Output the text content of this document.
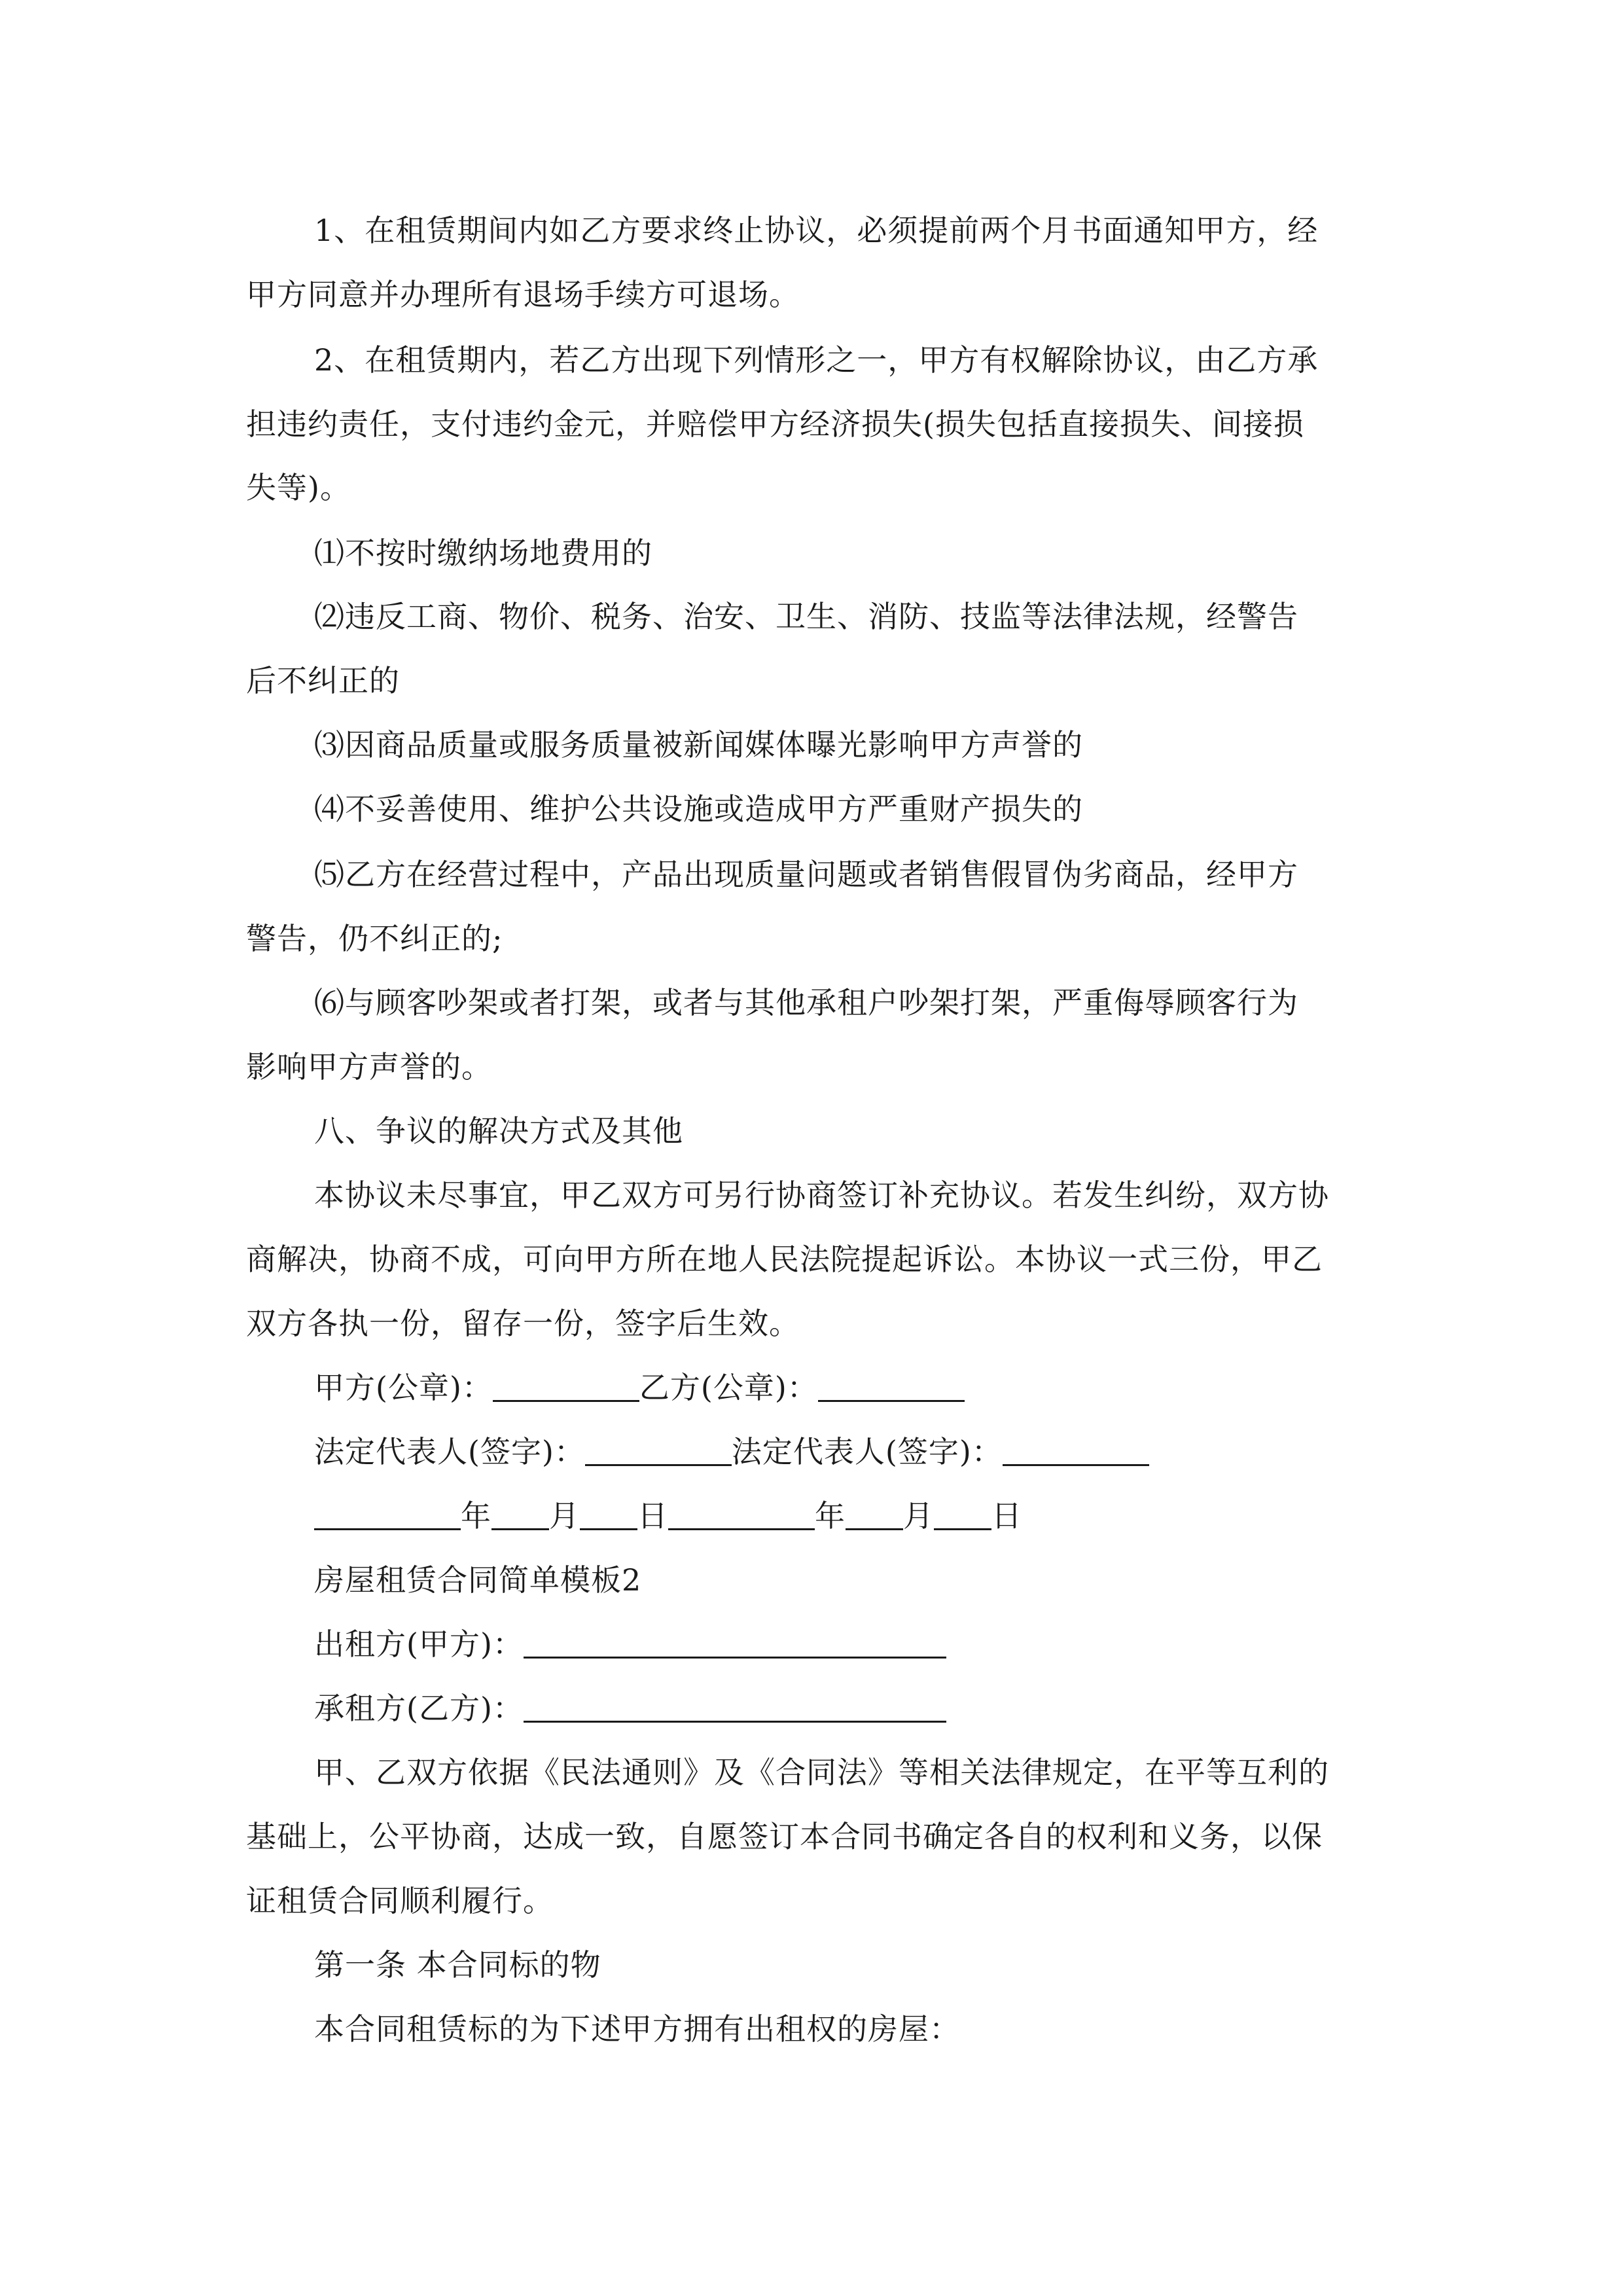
1、在租赁期间内如乙方要求终止协议，必须提前两个月书面通知甲方，经
甲方同意并办理所有退场手续方可退场。
2、在租赁期内，若乙方出现下列情形之一，甲方有权解除协议，由乙方承
担违约责任，支付违约金元，并赔偿甲方经济损失(损失包括直接损失、间接损
失等)。
⑴不按时缴纳场地费用的
⑵违反工商、物价、税务、治安、卫生、消防、技监等法律法规，经警告
后不纠正的
⑶因商品质量或服务质量被新闻媒体曝光影响甲方声誉的
⑷不妥善使用、维护公共设施或造成甲方严重财产损失的
⑸乙方在经营过程中，产品出现质量问题或者销售假冒伪劣商品，经甲方
警告，仍不纠正的;
⑹与顾客吵架或者打架，或者与其他承租户吵架打架，严重侮辱顾客行为
影响甲方声誉的。
八、争议的解决方式及其他
本协议未尽事宜，甲乙双方可另行协商签订补充协议。若发生纠纷，双方协
商解决，协商不成，可向甲方所在地人民法院提起诉讼。本协议一式三份，甲乙
双方各执一份，留存一份，签字后生效。
甲方(公章)：	乙方(公章)：
法定代表人(签字)：	法定代表人(签字)：
年 月 日	年 月 日
房屋租赁合同简单模板2
出租方(甲方)：
承租方(乙方)：
甲、乙双方依据《民法通则》及《合同法》等相关法律规定，在平等互利的
基础上，公平协商，达成一致，自愿签订本合同书确定各自的权利和义务，以保
证租赁合同顺利履行。
第一条 本合同标的物
本合同租赁标的为下述甲方拥有出租权的房屋：
